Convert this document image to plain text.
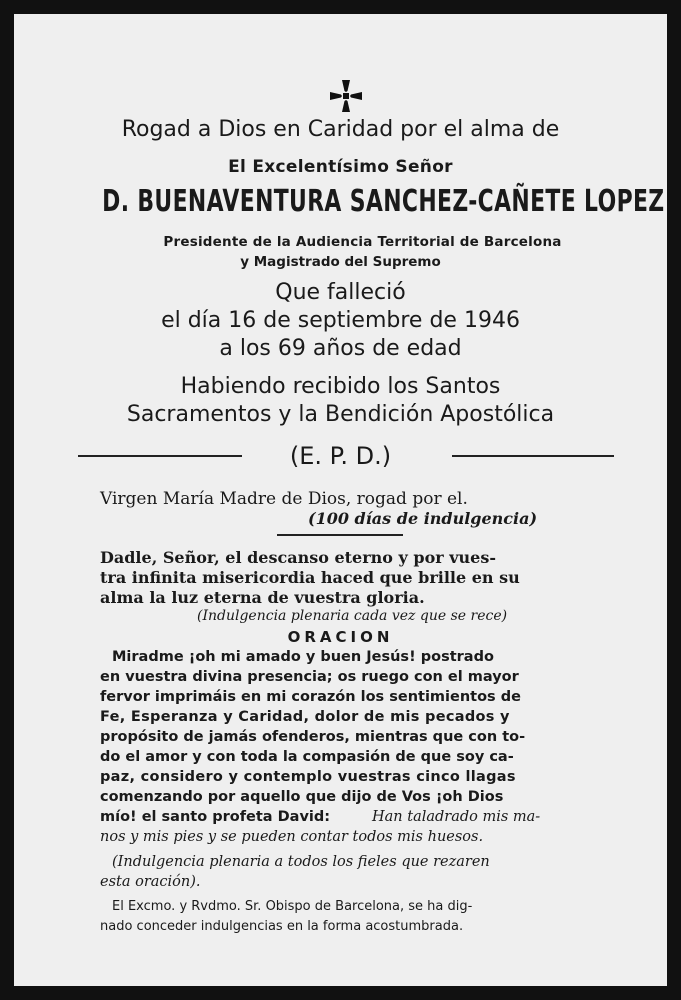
Rogad a Dios en Caridad por el alma de
El Excelentísimo Señor
D. BUENAVENTURA SANCHEZ-CAÑETE LOPEZ
Presidente de la Audiencia Territorial de Barcelona
y Magistrado del Supremo
Que falleció
el día 16 de septiembre de 1946
a los 69 años de edad
Habiendo recibido los Santos
Sacramentos y la Bendición Apostólica
(E. P. D.)
Virgen María Madre de Dios, rogad por el.
(100 días de indulgencia)
Dadle, Señor, el descanso eterno y por vues-
tra infinita misericordia haced que brille en su
alma la luz eterna de vuestra gloria.
(Indulgencia plenaria cada vez que se rece)
ORACION
Miradme ¡oh mi amado y buen Jesús! postrado
en vuestra divina presencia; os ruego con el mayor
fervor imprimáis en mi corazón los sentimientos de
Fe, Esperanza y Caridad, dolor de mis pecados y
propósito de jamás ofenderos, mientras que con to-
do el amor y con toda la compasión de que soy ca-
paz, considero y contemplo vuestras cinco llagas
comenzando por aquello que dijo de Vos ¡oh Dios
mío! el santo profeta David:	Han taladrado mis ma-
nos y mis pies y se pueden contar todos mis huesos.
(Indulgencia plenaria a todos los fieles que rezaren
esta oración).
El Excmo. y Rvdmo. Sr. Obispo de Barcelona, se ha dig-
nado conceder indulgencias en la forma acostumbrada.
